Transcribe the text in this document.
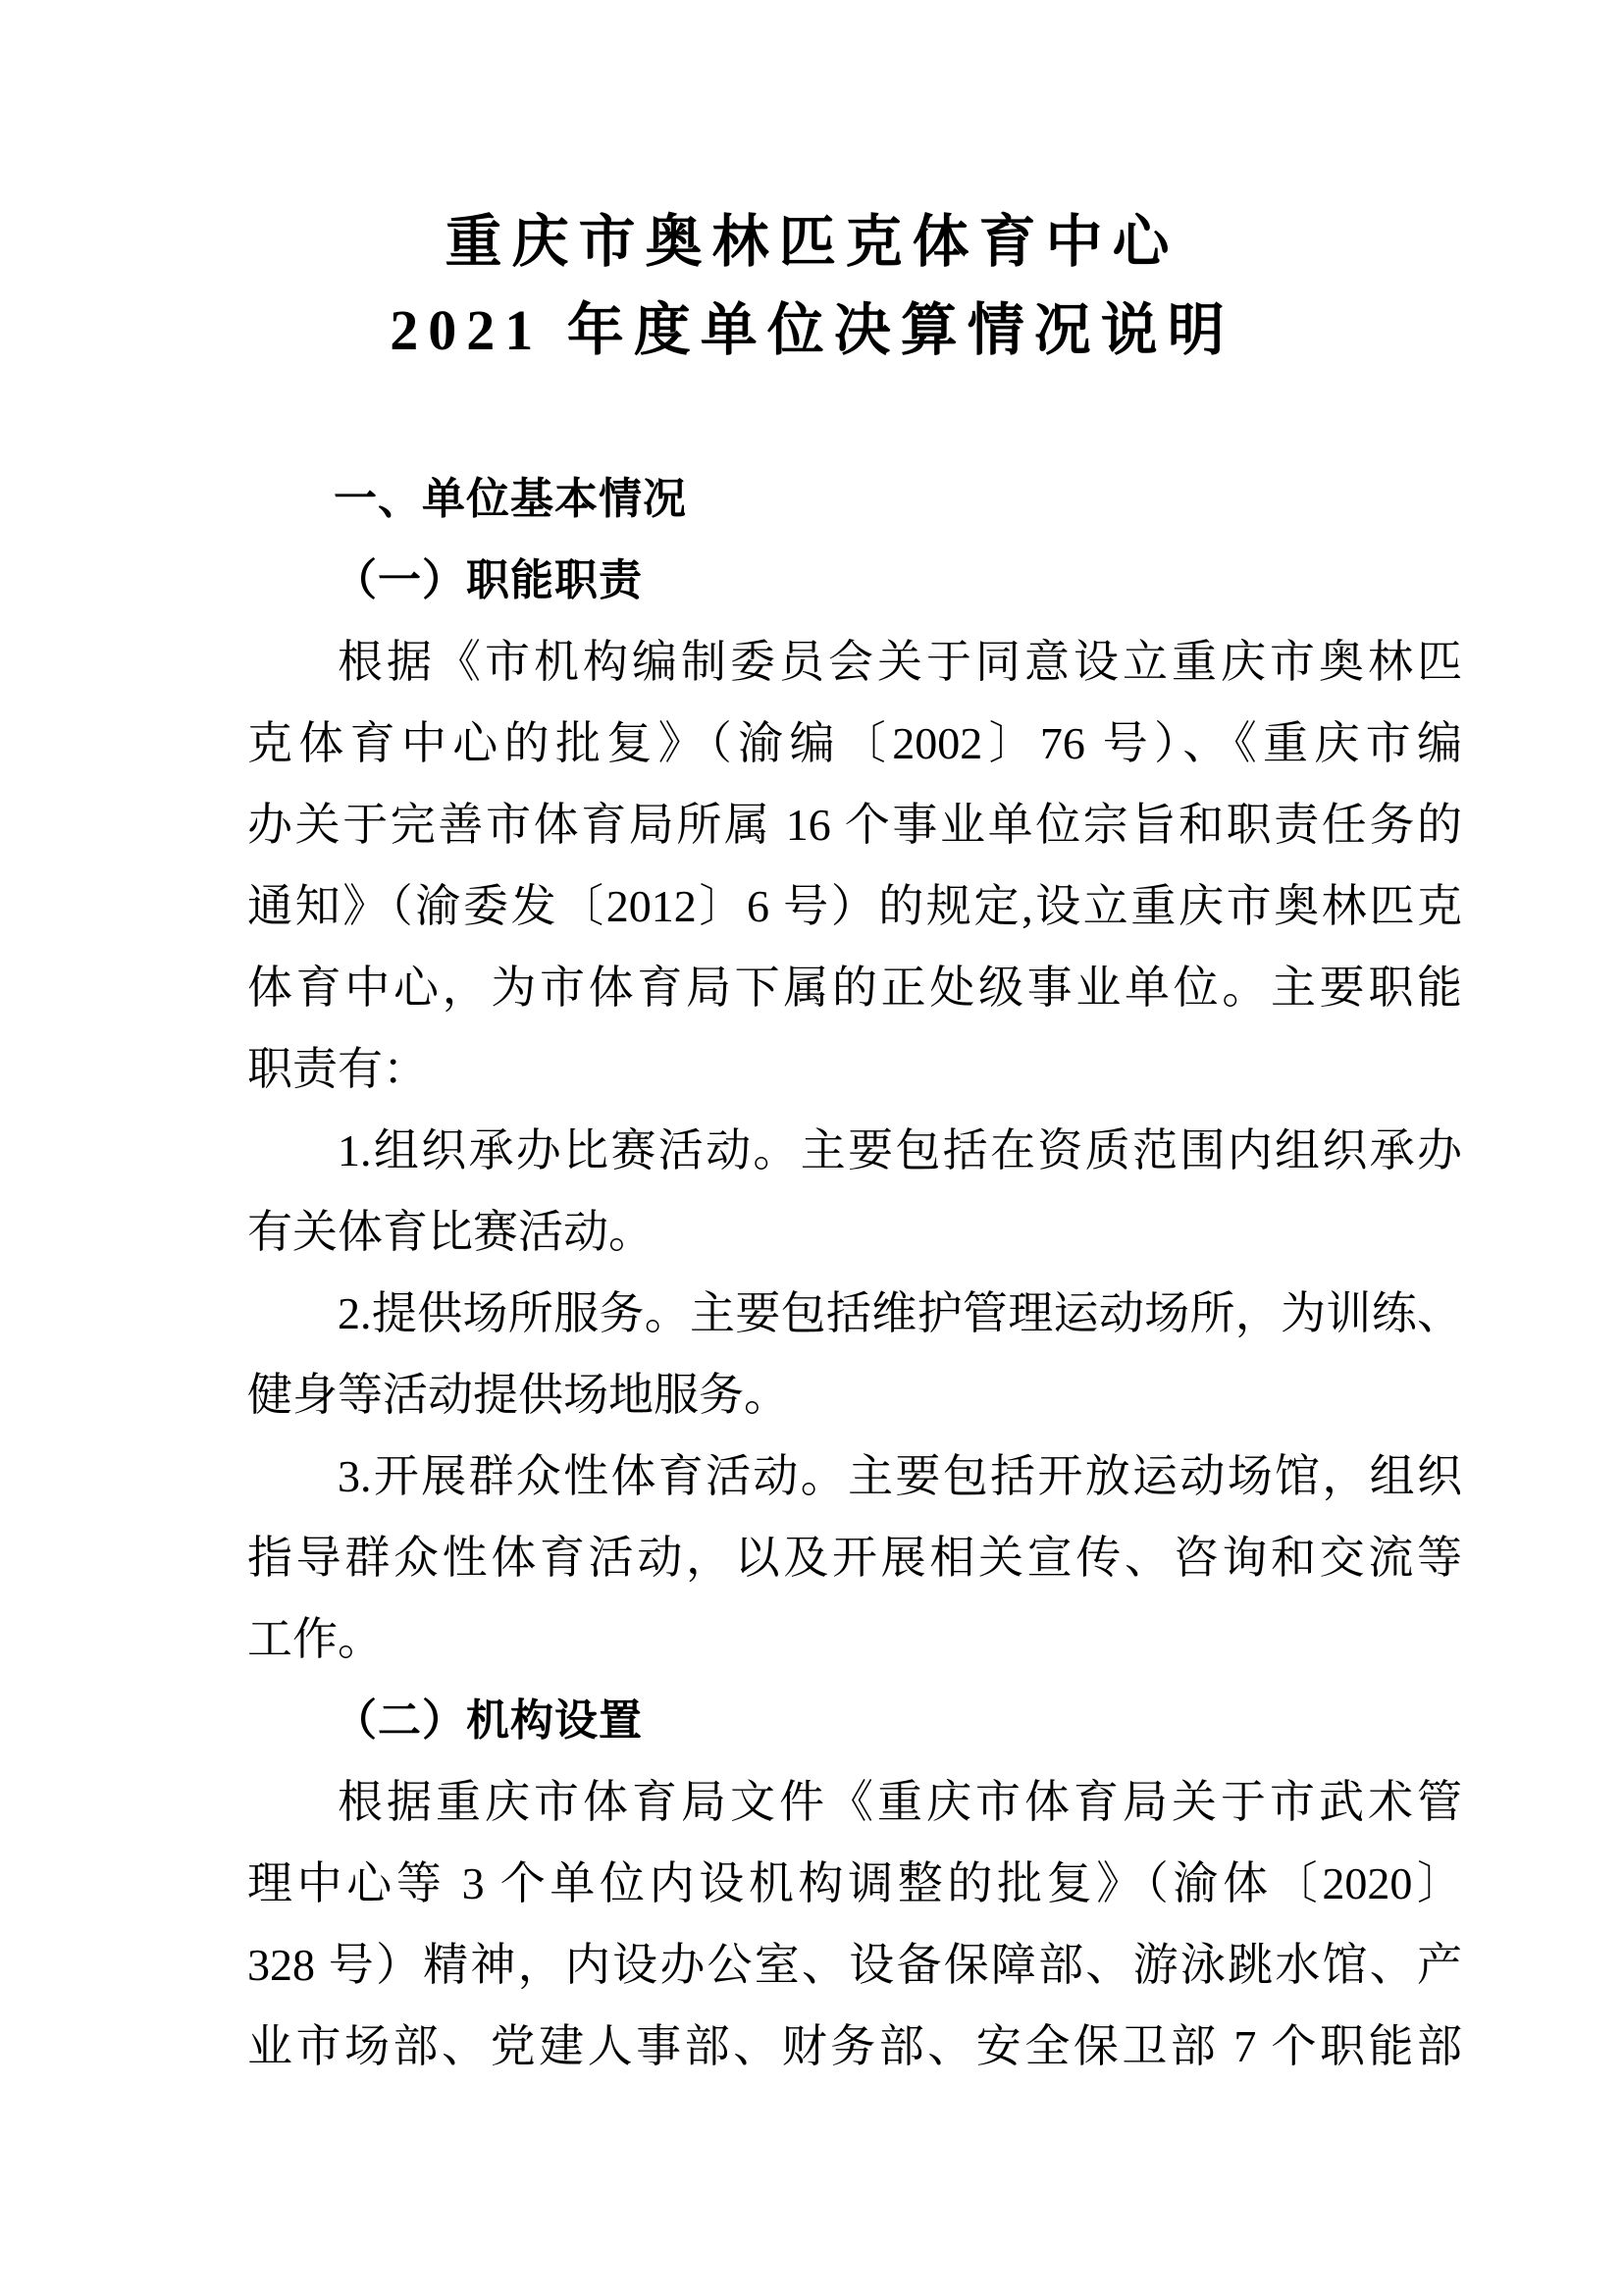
重庆市奥林匹克体育中心
2021 年度单位决算情况说明
一、单位基本情况
（一）职能职责
根据《市机构编制委员会关于同意设立重庆市奥林匹
克体育中心的批复》（渝编〔2002〕76 号）、《重庆市编
办关于完善市体育局所属 16 个事业单位宗旨和职责任务的
通知》（渝委发〔2012〕6 号）的规定,设立重庆市奥林匹克
体育中心，为市体育局下属的正处级事业单位。主要职能
职责有：
1.组织承办比赛活动。主要包括在资质范围内组织承办
有关体育比赛活动。
2.提供场所服务。主要包括维护管理运动场所，为训练、
健身等活动提供场地服务。
3.开展群众性体育活动。主要包括开放运动场馆，组织
指导群众性体育活动，以及开展相关宣传、咨询和交流等
工作。
（二）机构设置
根据重庆市体育局文件《重庆市体育局关于市武术管
理中心等 3 个单位内设机构调整的批复》（渝体〔2020〕
328 号）精神，内设办公室、设备保障部、游泳跳水馆、产
业市场部、党建人事部、财务部、安全保卫部 7 个职能部
